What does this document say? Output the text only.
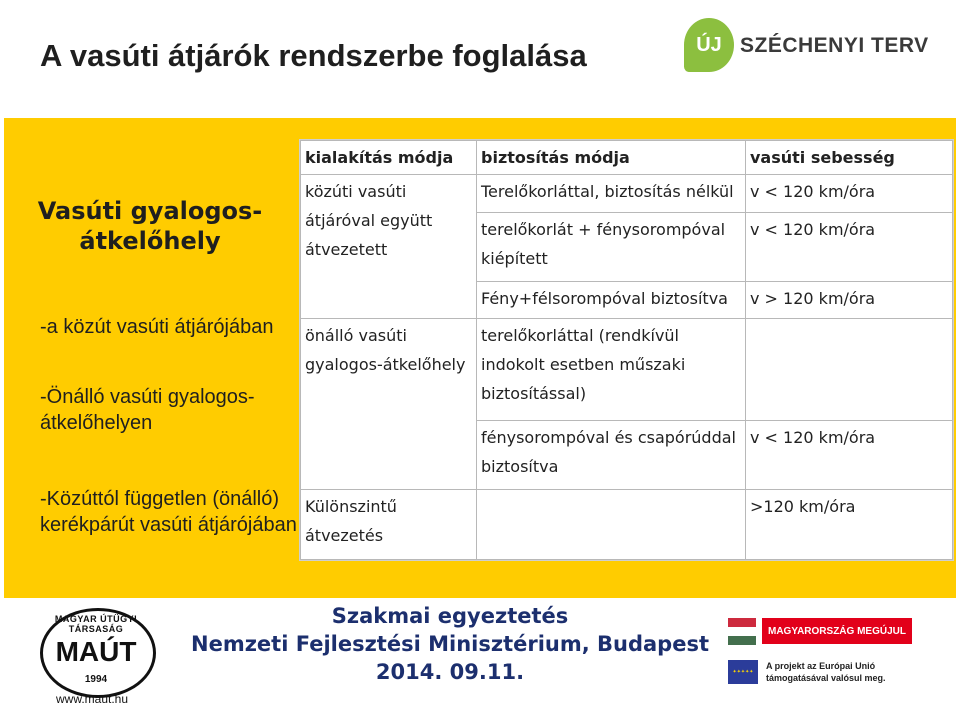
A vasúti átjárók rendszerbe foglalása	ÚJ SZÉCHENYI TERV
Vasúti gyalogos-
átkelőhely
-a közút vasúti átjárójában
-Önálló vasúti gyalogos-átkelőhelyen
-Közúttól független (önálló) kerékpárút vasúti átjárójában
kialakítás módja	biztosítás módja	vasúti sebesség
közúti vasúti átjáróval együtt átvezetett	Terelőkorláttal, biztosítás nélkül	v < 120 km/óra
	terelőkorlát + fénysorompóval kiépített	v < 120 km/óra
	Fény+félsorompóval biztosítva	v > 120 km/óra
önálló vasúti gyalogos-átkelőhely	terelőkorláttal (rendkívül indokolt esetben műszaki biztosítással)	
	fénysorompóval és csapórúddal biztosítva	v < 120 km/óra
Különszintű átvezetés		>120 km/óra
MAGYAR ÚTÜGYI TÁRSASÁG
MAÚT
1994
www.maut.hu
Szakmai egyeztetés
Nemzeti Fejlesztési Minisztérium, Budapest
2014. 09.11.
MAGYARORSZÁG MEGÚJUL
✦✦✦✦✦
A projekt az Európai Unió támogatásával valósul meg.
